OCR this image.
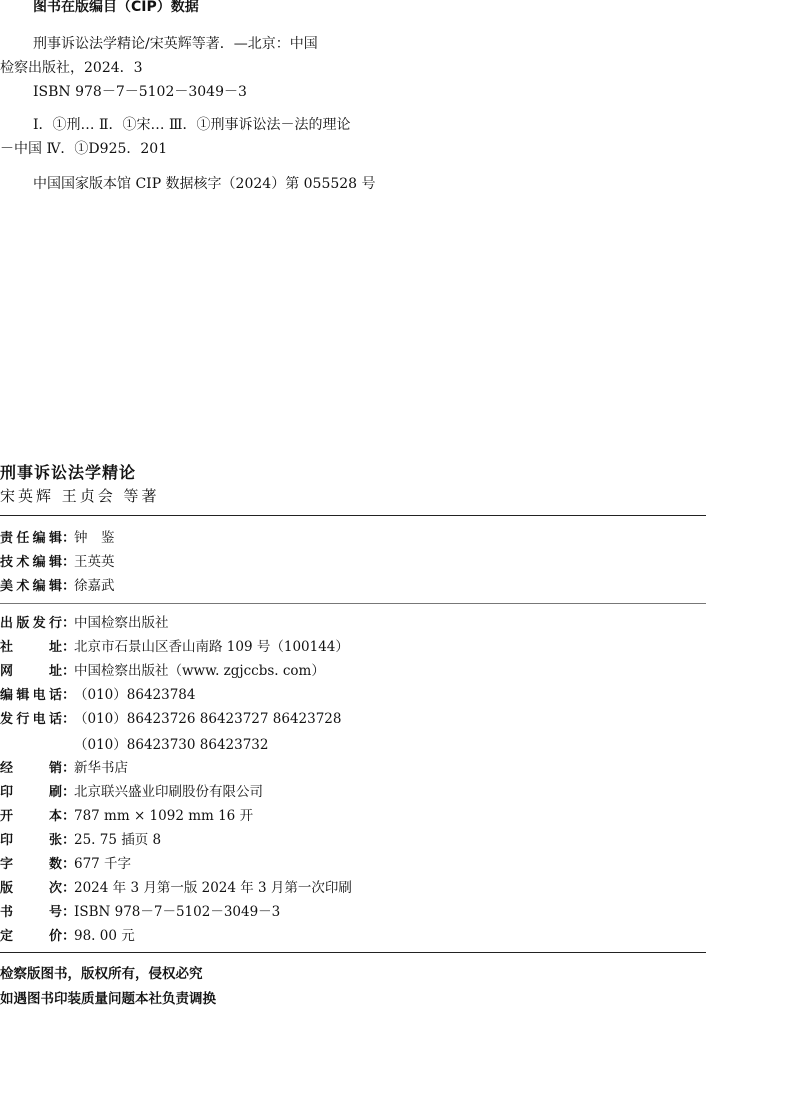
图书在版编目（CIP）数据
刑事诉讼法学精论/宋英辉等著．—北京：中国
检察出版社，2024．3
ISBN 978－7－5102－3049－3
Ⅰ．①刑… Ⅱ．①宋… Ⅲ．①刑事诉讼法－法的理论
－中国 Ⅳ．①D925．201
中国国家版本馆 CIP 数据核字（2024）第 055528 号
刑事诉讼法学精论
宋英辉 王贞会 等著
责任编辑 ：
钟　鉴
技术编辑 ：
王英英
美术编辑 ：
徐嘉武
出版发行 ：
中国检察出版社
社　　址 ：
北京市石景山区香山南路 109 号（100144）
网　　址 ：
中国检察出版社（www. zgjccbs. com）
编辑电话 ：
（010）86423784
发行电话 ：
（010）86423726 86423727 86423728
（010）86423730 86423732
经　　销 ：
新华书店
印　　刷 ：
北京联兴盛业印刷股份有限公司
开　　本 ：
787 mm × 1092 mm 16 开
印　　张 ：
25. 75 插页 8
字　　数 ：
677 千字
版　　次 ：
2024 年 3 月第一版 2024 年 3 月第一次印刷
书　　号 ：
ISBN 978－7－5102－3049－3
定　　价 ：
98. 00 元
检察版图书，版权所有，侵权必究
如遇图书印装质量问题本社负责调换
